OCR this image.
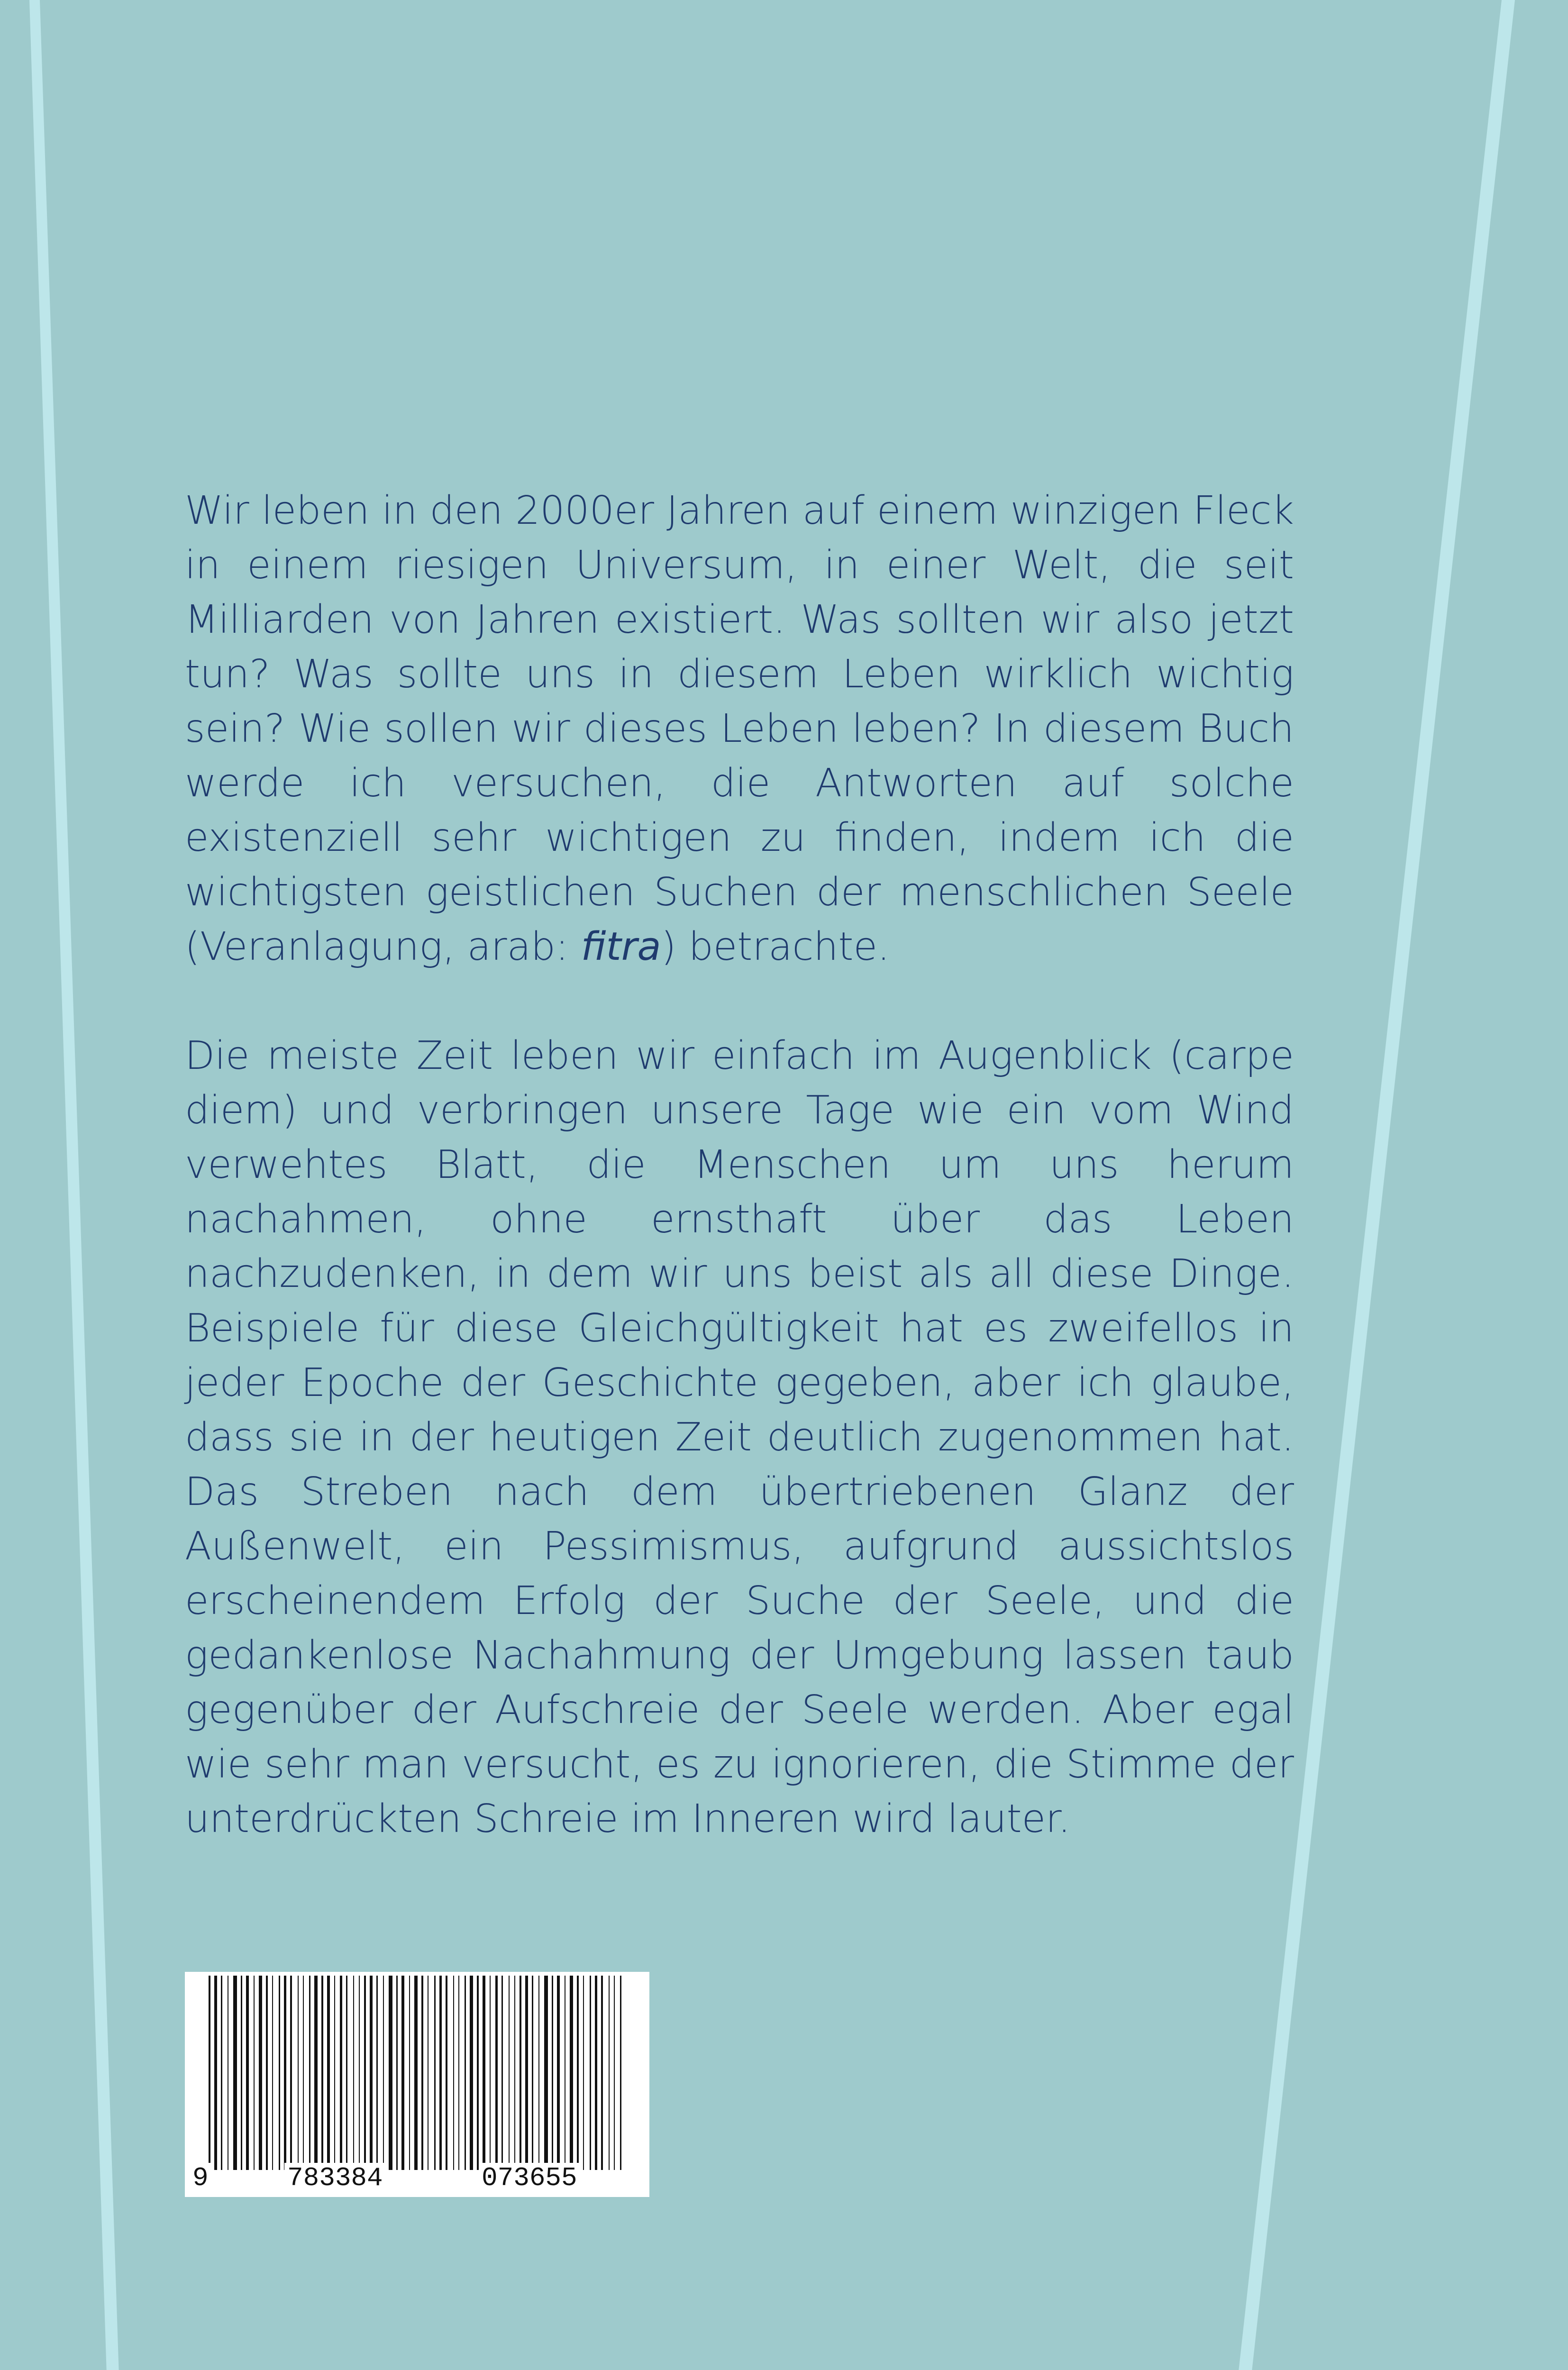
Wir leben in den 2000er Jahren auf einem winzigen Fleck in einem riesigen Universum, in einer Welt, die seit Milliarden von Jahren existiert. Was sollten wir also jetzt tun? Was sollte uns in diesem Leben wirklich wichtig sein? Wie sollen wir dieses Leben leben? In diesem Buch werde ich versuchen, die Antworten auf solche existenziell sehr wichtigen zu finden, indem ich die wichtigsten geistlichen Suchen der menschlichen Seele (Veranlagung, arab: fitra) betrachte.

Die meiste Zeit leben wir einfach im Augenblick (carpe diem) und verbringen unsere Tage wie ein vom Wind verwehtes Blatt, die Menschen um uns herum nachahmen, ohne ernsthaft über das Leben nachzudenken, in dem wir uns beist als all diese Dinge. Beispiele für diese Gleichgültigkeit hat es zweifellos in jeder Epoche der Geschichte gegeben, aber ich glaube, dass sie in der heutigen Zeit deutlich zugenommen hat. Das Streben nach dem übertriebenen Glanz der Außenwelt, ein Pessimismus, aufgrund aussichtslos erscheinendem Erfolg der Suche der Seele, und die gedankenlose Nachahmung der Umgebung lassen taub gegenüber der Aufschreie der Seele werden. Aber egal wie sehr man versucht, es zu ignorieren, die Stimme der unterdrückten Schreie im Inneren wird lauter.

9	783384	073655
